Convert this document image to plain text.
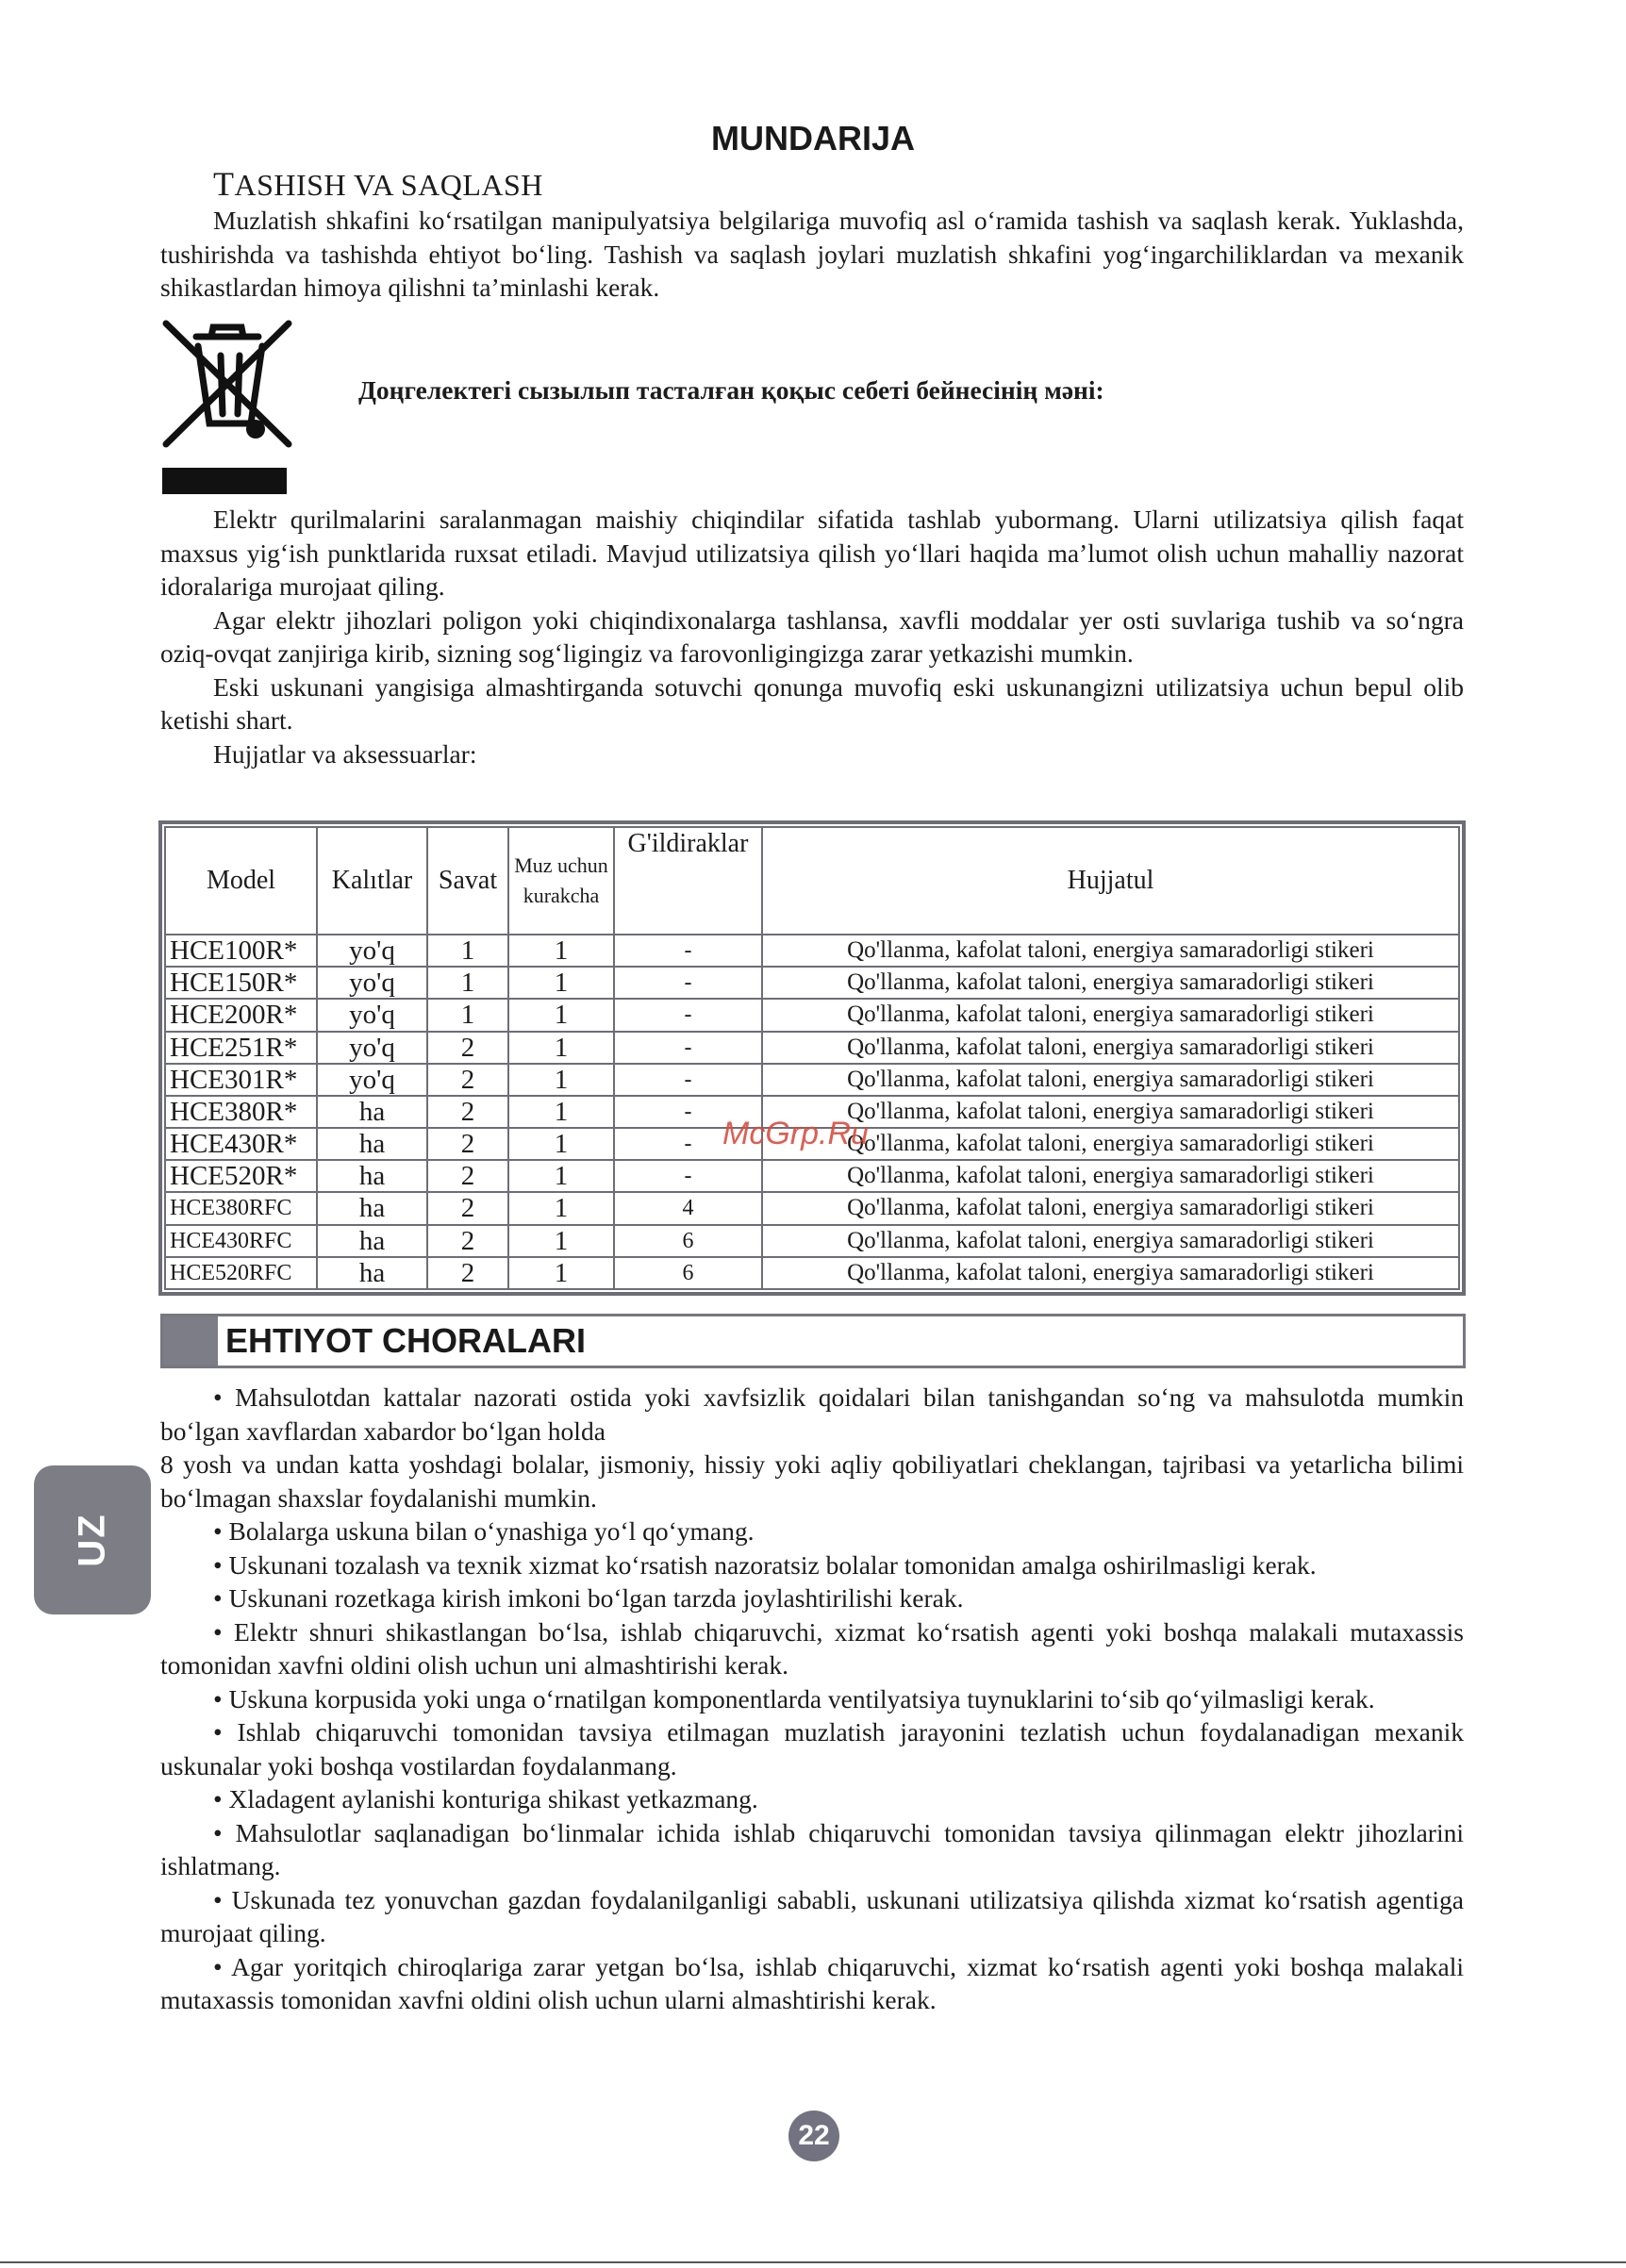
MUNDARIJA
TASHISH VA SAQLASH

Muzlatish shkafini ko‘rsatilgan manipulyatsiya belgilariga muvofiq asl o‘ramida tashish va saqlash kerak. Yuklashda, tushirishda va tashishda ehtiyot bo‘ling. Tashish va saqlash joylari muzlatish shkafini yog‘ingarchiliklardan va mexanik shikastlardan himoya qilishni ta’minlashi kerak.

Доңгелектегі сызылып тасталған қоқыс себеті бейнесінің мәні:

Elektr qurilmalarini saralanmagan maishiy chiqindilar sifatida tashlab yubormang. Ularni utilizatsiya qilish faqat maxsus yig‘ish punktlarida ruxsat etiladi. Mavjud utilizatsiya qilish yo‘llari haqida ma’lumot olish uchun mahalliy nazorat idoralariga murojaat qiling.

Agar elektr jihozlari poligon yoki chiqindixonalarga tashlansa, xavfli moddalar yer osti suvlariga tushib va so‘ngra oziq-ovqat zanjiriga kirib, sizning sog‘ligingiz va farovonligingizga zarar yetkazishi mumkin.

Eski uskunani yangisiga almashtirganda sotuvchi qonunga muvofiq eski uskunangizni utilizatsiya uchun bepul olib ketishi shart.

Hujjatlar va aksessuarlar:

Model	Kalıtlar	Savat	Muz uchun kurakcha	G'ildiraklar	Hujjatul
HCE100R*	yo'q	1	1	-	Qo'llanma, kafolat taloni, energiya samaradorligi stikeri
HCE150R*	yo'q	1	1	-	Qo'llanma, kafolat taloni, energiya samaradorligi stikeri
HCE200R*	yo'q	1	1	-	Qo'llanma, kafolat taloni, energiya samaradorligi stikeri
HCE251R*	yo'q	2	1	-	Qo'llanma, kafolat taloni, energiya samaradorligi stikeri
HCE301R*	yo'q	2	1	-	Qo'llanma, kafolat taloni, energiya samaradorligi stikeri
HCE380R*	ha	2	1	-	Qo'llanma, kafolat taloni, energiya samaradorligi stikeri
HCE430R*	ha	2	1	-	Qo'llanma, kafolat taloni, energiya samaradorligi stikeri
HCE520R*	ha	2	1	-	Qo'llanma, kafolat taloni, energiya samaradorligi stikeri
HCE380RFC	ha	2	1	4	Qo'llanma, kafolat taloni, energiya samaradorligi stikeri
HCE430RFC	ha	2	1	6	Qo'llanma, kafolat taloni, energiya samaradorligi stikeri
HCE520RFC	ha	2	1	6	Qo'llanma, kafolat taloni, energiya samaradorligi stikeri
McGrp.Ru
EHTIYOT CHORALARI

• Mahsulotdan kattalar nazorati ostida yoki xavfsizlik qoidalari bilan tanishgandan so‘ng va mahsulotda mumkin bo‘lgan xavflardan xabardor bo‘lgan holda

8 yosh va undan katta yoshdagi bolalar, jismoniy, hissiy yoki aqliy qobiliyatlari cheklangan, tajribasi va yetarlicha bilimi bo‘lmagan shaxslar foydalanishi mumkin.

• Bolalarga uskuna bilan o‘ynashiga yo‘l qo‘ymang.

• Uskunani tozalash va texnik xizmat ko‘rsatish nazoratsiz bolalar tomonidan amalga oshirilmasligi kerak.

• Uskunani rozetkaga kirish imkoni bo‘lgan tarzda joylashtirilishi kerak.

• Elektr shnuri shikastlangan bo‘lsa, ishlab chiqaruvchi, xizmat ko‘rsatish agenti yoki boshqa malakali mutaxassis tomonidan xavfni oldini olish uchun uni almashtirishi kerak.

• Uskuna korpusida yoki unga o‘rnatilgan komponentlarda ventilyatsiya tuynuklarini to‘sib qo‘yilmasligi kerak.

• Ishlab chiqaruvchi tomonidan tavsiya etilmagan muzlatish jarayonini tezlatish uchun foydalanadigan mexanik uskunalar yoki boshqa vostilardan foydalanmang.

• Xladagent aylanishi konturiga shikast yetkazmang.

• Mahsulotlar saqlanadigan bo‘linmalar ichida ishlab chiqaruvchi tomonidan tavsiya qilinmagan elektr jihozlarini ishlatmang.

• Uskunada tez yonuvchan gazdan foydalanilganligi sababli, uskunani utilizatsiya qilishda xizmat ko‘rsatish agentiga murojaat qiling.

• Agar yoritqich chiroqlariga zarar yetgan bo‘lsa, ishlab chiqaruvchi, xizmat ko‘rsatish agenti yoki boshqa malakali mutaxassis tomonidan xavfni oldini olish uchun ularni almashtirishi kerak.

UZ
22
